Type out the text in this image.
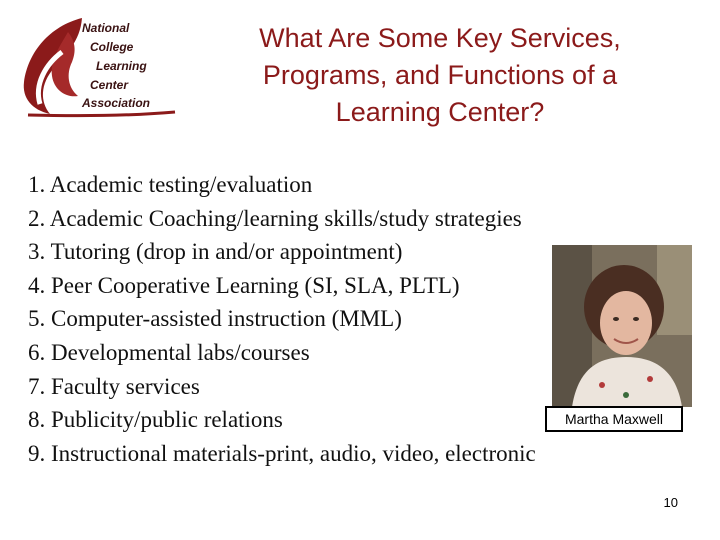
National
College
Learning
Center
Association
What Are Some Key Services,
Programs, and Functions of a
Learning Center?
1. Academic testing/evaluation
2. Academic Coaching/learning skills/study strategies
3. Tutoring (drop in and/or appointment)
4. Peer Cooperative Learning (SI, SLA, PLTL)
5. Computer-assisted instruction (MML)
6. Developmental labs/courses
7. Faculty services
8. Publicity/public relations
9. Instructional materials-print, audio, video, electronic
Martha Maxwell
10
